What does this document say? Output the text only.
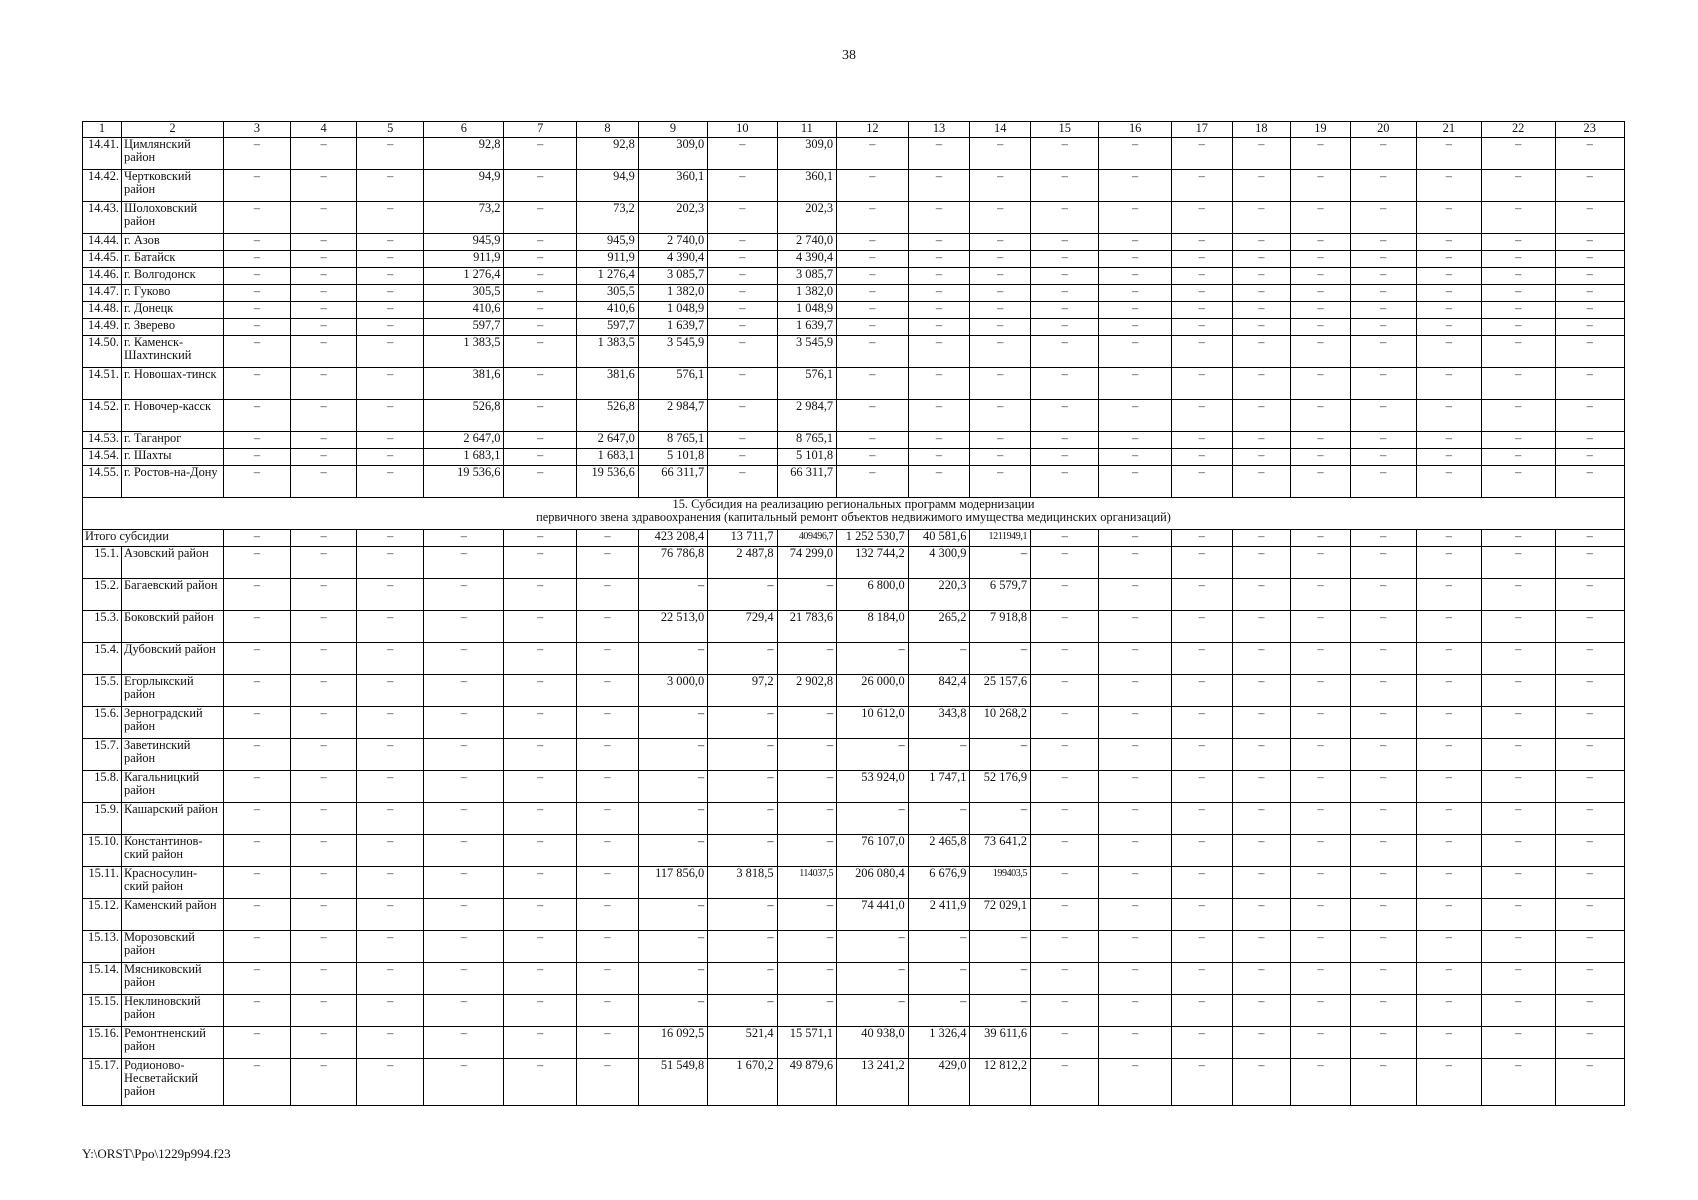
38
1	2	3	4	5	6	7	8	9	10	11	12	13	14	15	16	17	18	19	20	21	22	23
14.41.	Цимлянский район	–	–	–	92,8	–	92,8	309,0	–	309,0	–	–	–	–	–	–	–	–	–	–	–	–
14.42.	Чертковский район	–	–	–	94,9	–	94,9	360,1	–	360,1	–	–	–	–	–	–	–	–	–	–	–	–
14.43.	Шолоховский район	–	–	–	73,2	–	73,2	202,3	–	202,3	–	–	–	–	–	–	–	–	–	–	–	–
14.44.	г. Азов	–	–	–	945,9	–	945,9	2 740,0	–	2 740,0	–	–	–	–	–	–	–	–	–	–	–	–
14.45.	г. Батайск	–	–	–	911,9	–	911,9	4 390,4	–	4 390,4	–	–	–	–	–	–	–	–	–	–	–	–
14.46.	г. Волгодонск	–	–	–	1 276,4	–	1 276,4	3 085,7	–	3 085,7	–	–	–	–	–	–	–	–	–	–	–	–
14.47.	г. Гуково	–	–	–	305,5	–	305,5	1 382,0	–	1 382,0	–	–	–	–	–	–	–	–	–	–	–	–
14.48.	г. Донецк	–	–	–	410,6	–	410,6	1 048,9	–	1 048,9	–	–	–	–	–	–	–	–	–	–	–	–
14.49.	г. Зверево	–	–	–	597,7	–	597,7	1 639,7	–	1 639,7	–	–	–	–	–	–	–	–	–	–	–	–
14.50.	г. Каменск-Шахтинский	–	–	–	1 383,5	–	1 383,5	3 545,9	–	3 545,9	–	–	–	–	–	–	–	–	–	–	–	–
14.51.	г. Новошах-тинск	–	–	–	381,6	–	381,6	576,1	–	576,1	–	–	–	–	–	–	–	–	–	–	–	–
14.52.	г. Новочер-касск	–	–	–	526,8	–	526,8	2 984,7	–	2 984,7	–	–	–	–	–	–	–	–	–	–	–	–
14.53.	г. Таганрог	–	–	–	2 647,0	–	2 647,0	8 765,1	–	8 765,1	–	–	–	–	–	–	–	–	–	–	–	–
14.54.	г. Шахты	–	–	–	1 683,1	–	1 683,1	5 101,8	–	5 101,8	–	–	–	–	–	–	–	–	–	–	–	–
14.55.	г. Ростов-на-Дону	–	–	–	19 536,6	–	19 536,6	66 311,7	–	66 311,7	–	–	–	–	–	–	–	–	–	–	–	–

15. Субсидия на реализацию региональных программ модернизации
первичного звена здравоохранения (капитальный ремонт объектов недвижимого имущества медицинских организаций)																						

Итого субсидии		–	–	–	–	–	–	423 208,4	13 711,7	409496,7	1 252 530,7	40 581,6	1211949,1	–	–	–	–	–	–	–	–	–
15.1.	Азовский район	–	–	–	–	–	–	76 786,8	2 487,8	74 299,0	132 744,2	4 300,9	–	–	–	–	–	–	–	–	–	–
15.2.	Багаевский район	–	–	–	–	–	–	–	–	–	6 800,0	220,3	6 579,7	–	–	–	–	–	–	–	–	–
15.3.	Боковский район	–	–	–	–	–	–	22 513,0	729,4	21 783,6	8 184,0	265,2	7 918,8	–	–	–	–	–	–	–	–	–
15.4.	Дубовский район	–	–	–	–	–	–	–	–	–	–	–	–	–	–	–	–	–	–	–	–	–
15.5.	Егорлыкский район	–	–	–	–	–	–	3 000,0	97,2	2 902,8	26 000,0	842,4	25 157,6	–	–	–	–	–	–	–	–	–
15.6.	Зерноградский район	–	–	–	–	–	–	–	–	–	10 612,0	343,8	10 268,2	–	–	–	–	–	–	–	–	–
15.7.	Заветинский район	–	–	–	–	–	–	–	–	–	–	–	–	–	–	–	–	–	–	–	–	–
15.8.	Кагальницкий район	–	–	–	–	–	–	–	–	–	53 924,0	1 747,1	52 176,9	–	–	–	–	–	–	–	–	–
15.9.	Кашарский район	–	–	–	–	–	–	–	–	–	–	–	–	–	–	–	–	–	–	–	–	–
15.10.	Константинов-ский район	–	–	–	–	–	–	–	–	–	76 107,0	2 465,8	73 641,2	–	–	–	–	–	–	–	–	–
15.11.	Красносулин-ский район	–	–	–	–	–	–	117 856,0	3 818,5	114037,5	206 080,4	6 676,9	199403,5	–	–	–	–	–	–	–	–	–
15.12.	Каменский район	–	–	–	–	–	–	–	–	–	74 441,0	2 411,9	72 029,1	–	–	–	–	–	–	–	–	–
15.13.	Морозовский район	–	–	–	–	–	–	–	–	–	–	–	–	–	–	–	–	–	–	–	–	–
15.14.	Мясниковский район	–	–	–	–	–	–	–	–	–	–	–	–	–	–	–	–	–	–	–	–	–
15.15.	Неклиновский район	–	–	–	–	–	–	–	–	–	–	–	–	–	–	–	–	–	–	–	–	–
15.16.	Ремонтненский район	–	–	–	–	–	–	16 092,5	521,4	15 571,1	40 938,0	1 326,4	39 611,6	–	–	–	–	–	–	–	–	–
15.17.	Родионово-Несветайский район	–	–	–	–	–	–	51 549,8	1 670,2	49 879,6	13 241,2	429,0	12 812,2	–	–	–	–	–	–	–	–	–
Y:\ORST\Ppo\1229p994.f23
